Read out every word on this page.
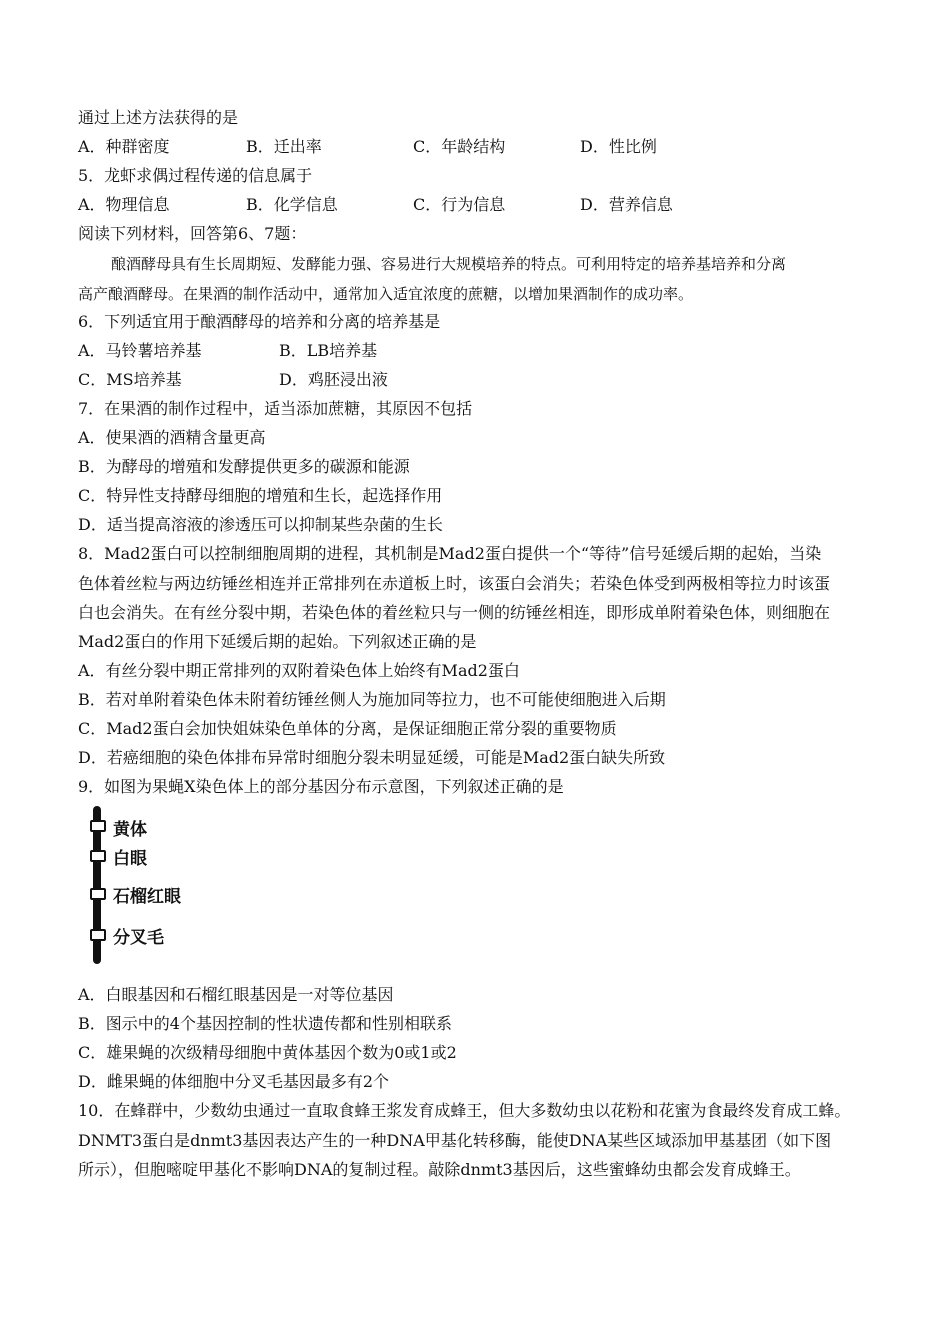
通过上述方法获得的是
A．种群密度	B．迁出率	C．年龄结构	D．性比例
5．龙虾求偶过程传递的信息属于
A．物理信息	B．化学信息	C．行为信息	D．营养信息
阅读下列材料，回答第6、7题：
酿酒酵母具有生长周期短、发酵能力强、容易进行大规模培养的特点。可利用特定的培养基培养和分离
高产酿酒酵母。在果酒的制作活动中，通常加入适宜浓度的蔗糖，以增加果酒制作的成功率。
6．下列适宜用于酿酒酵母的培养和分离的培养基是
A．马铃薯培养基	B．LB培养基
C．MS培养基	D．鸡胚浸出液
7．在果酒的制作过程中，适当添加蔗糖，其原因不包括
A．使果酒的酒精含量更高
B．为酵母的增殖和发酵提供更多的碳源和能源
C．特异性支持酵母细胞的增殖和生长，起选择作用
D．适当提高溶液的渗透压可以抑制某些杂菌的生长
8．Mad2蛋白可以控制细胞周期的进程，其机制是Mad2蛋白提供一个“等待”信号延缓后期的起始，当染
色体着丝粒与两边纺锤丝相连并正常排列在赤道板上时，该蛋白会消失；若染色体受到两极相等拉力时该蛋
白也会消失。在有丝分裂中期，若染色体的着丝粒只与一侧的纺锤丝相连，即形成单附着染色体，则细胞在
Mad2蛋白的作用下延缓后期的起始。下列叙述正确的是
A．有丝分裂中期正常排列的双附着染色体上始终有Mad2蛋白
B．若对单附着染色体未附着纺锤丝侧人为施加同等拉力，也不可能使细胞进入后期
C．Mad2蛋白会加快姐妹染色单体的分离，是保证细胞正常分裂的重要物质
D．若癌细胞的染色体排布异常时细胞分裂未明显延缓，可能是Mad2蛋白缺失所致
9．如图为果蝇X染色体上的部分基因分布示意图，下列叙述正确的是
黄体
白眼
石榴红眼
分叉毛
A．白眼基因和石榴红眼基因是一对等位基因
B．图示中的4个基因控制的性状遗传都和性别相联系
C．雄果蝇的次级精母细胞中黄体基因个数为0或1或2
D．雌果蝇的体细胞中分叉毛基因最多有2个
10．在蜂群中，少数幼虫通过一直取食蜂王浆发育成蜂王，但大多数幼虫以花粉和花蜜为食最终发育成工蜂。
DNMT3蛋白是dnmt3基因表达产生的一种DNA甲基化转移酶，能使DNA某些区域添加甲基基团（如下图
所示），但胞嘧啶甲基化不影响DNA的复制过程。敲除dnmt3基因后，这些蜜蜂幼虫都会发育成蜂王。
